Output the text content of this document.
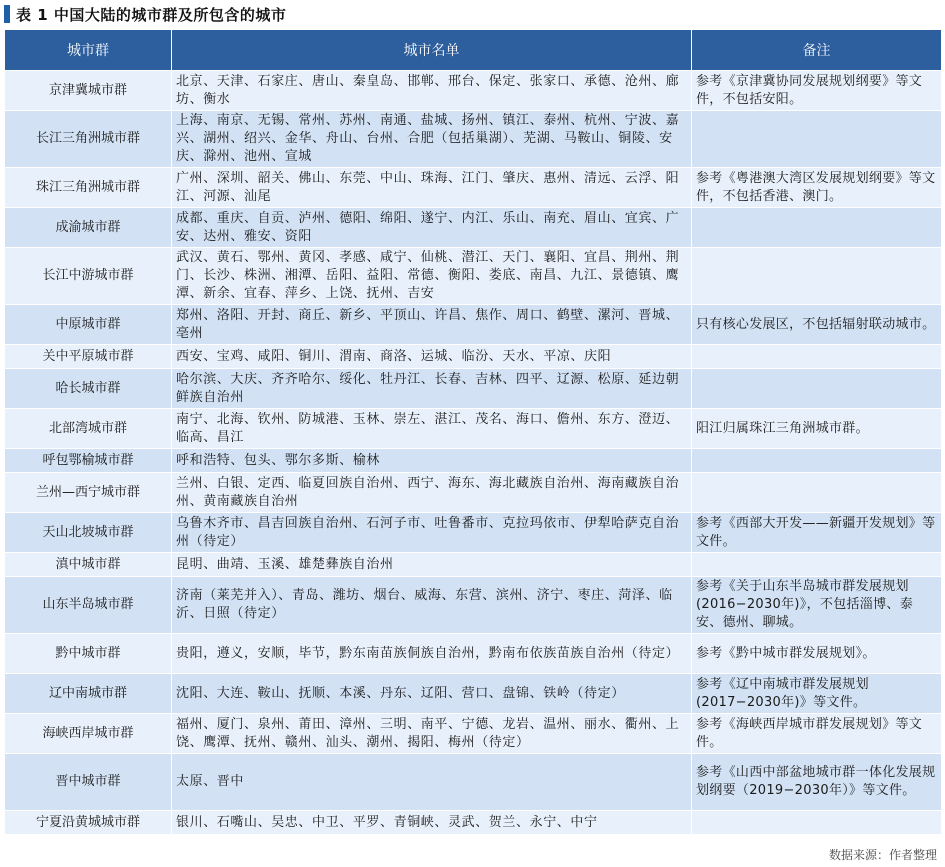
表 1 中国大陆的城市群及所包含的城市
城市群	城市名单	备注
京津冀城市群	北京、天津、石家庄、唐山、秦皇岛、邯郸、邢台、保定、张家口、承德、沧州、廊坊、衡水	参考《京津冀协同发展规划纲要》等文件，不包括安阳。
长江三角洲城市群	上海、南京、无锡、常州、苏州、南通、盐城、扬州、镇江、泰州、杭州、宁波、嘉兴、湖州、绍兴、金华、舟山、台州、合肥（包括巢湖）、芜湖、马鞍山、铜陵、安庆、滁州、池州、宣城	
珠江三角洲城市群	广州、深圳、韶关、佛山、东莞、中山、珠海、江门、肇庆、惠州、清远、云浮、阳江、河源、汕尾	参考《粤港澳大湾区发展规划纲要》等文件，不包括香港、澳门。
成渝城市群	成都、重庆、自贡、泸州、德阳、绵阳、遂宁、内江、乐山、南充、眉山、宜宾、广安、达州、雅安、资阳	
长江中游城市群	武汉、黄石、鄂州、黄冈、孝感、咸宁、仙桃、潜江、天门、襄阳、宜昌、荆州、荆门、长沙、株洲、湘潭、岳阳、益阳、常德、衡阳、娄底、南昌、九江、景德镇、鹰潭、新余、宜春、萍乡、上饶、抚州、吉安	
中原城市群	郑州、洛阳、开封、商丘、新乡、平顶山、许昌、焦作、周口、鹤壁、漯河、晋城、亳州	只有核心发展区，不包括辐射联动城市。
关中平原城市群	西安、宝鸡、咸阳、铜川、渭南、商洛、运城、临汾、天水、平凉、庆阳	
哈长城市群	哈尔滨、大庆、齐齐哈尔、绥化、牡丹江、长春、吉林、四平、辽源、松原、延边朝鲜族自治州	
北部湾城市群	南宁、北海、钦州、防城港、玉林、崇左、湛江、茂名、海口、儋州、东方、澄迈、临高、昌江	阳江归属珠江三角洲城市群。
呼包鄂榆城市群	呼和浩特、包头、鄂尔多斯、榆林	
兰州—西宁城市群	兰州、白银、定西、临夏回族自治州、西宁、海东、海北藏族自治州、海南藏族自治州、黄南藏族自治州	
天山北坡城市群	乌鲁木齐市、昌吉回族自治州、石河子市、吐鲁番市、克拉玛依市、伊犁哈萨克自治州（待定）	参考《西部大开发——新疆开发规划》等文件。
滇中城市群	昆明、曲靖、玉溪、雄楚彝族自治州	
山东半岛城市群	济南（莱芜并入）、青岛、潍坊、烟台、威海、东营、滨州、济宁、枣庄、菏泽、临沂、日照（待定）	参考《关于山东半岛城市群发展规划(2016−2030年)》，不包括淄博、泰安、德州、聊城。
黔中城市群	贵阳，遵义，安顺，毕节，黔东南苗族侗族自治州，黔南布依族苗族自治州（待定）	参考《黔中城市群发展规划》。
辽中南城市群	沈阳、大连、鞍山、抚顺、本溪、丹东、辽阳、营口、盘锦、铁岭（待定）	参考《辽中南城市群发展规划(2017−2030年)》等文件。
海峡西岸城市群	福州、厦门、泉州、莆田、漳州、三明、南平、宁德、龙岩、温州、丽水、衢州、上饶、鹰潭、抚州、赣州、汕头、潮州、揭阳、梅州（待定）	参考《海峡西岸城市群发展规划》等文件。
晋中城市群	太原、晋中	参考《山西中部盆地城市群一体化发展规划纲要（2019−2030年）》等文件。
宁夏沿黄城城市群	银川、石嘴山、吴忠、中卫、平罗、青铜峡、灵武、贺兰、永宁、中宁	
数据来源：作者整理
